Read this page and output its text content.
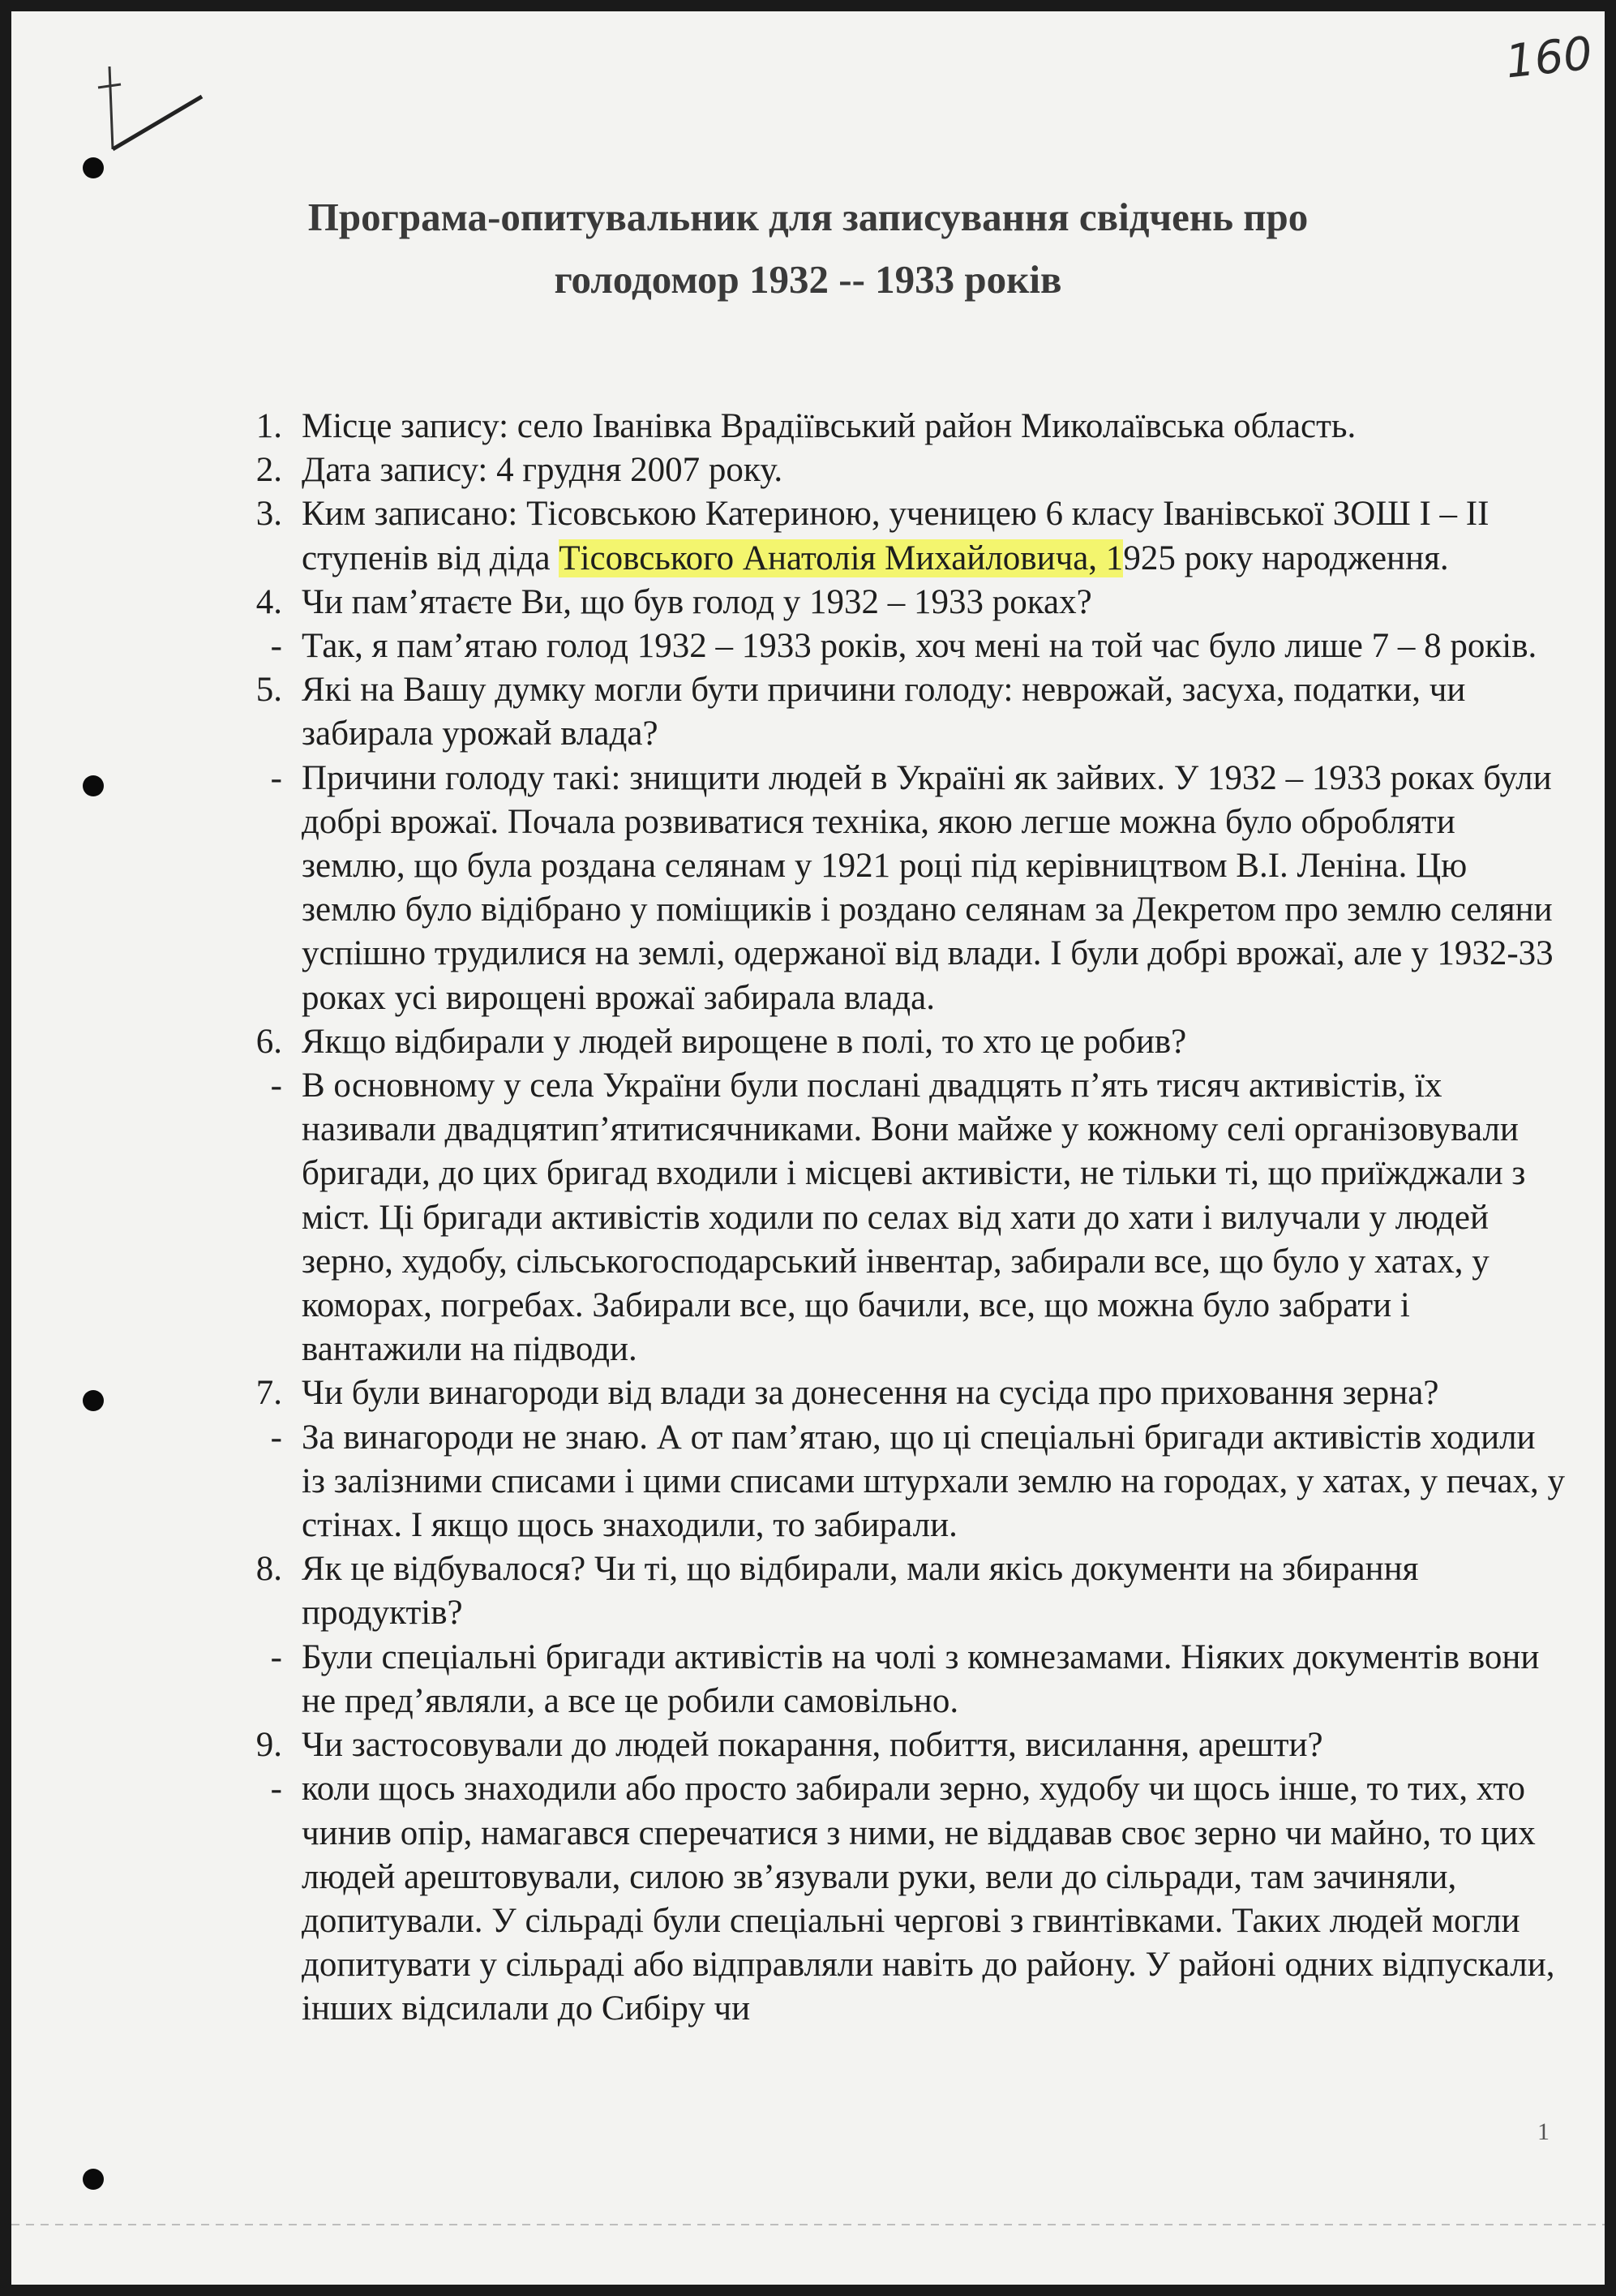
160
Програма-опитувальник для записування свідчень про
голодомор 1932 -- 1933 років
1. Місце запису: село Іванівка Врадіївський район Миколаївська область.
2. Дата запису: 4 грудня 2007 року.
3. Ким записано: Тісовською Катериною, ученицею 6 класу Іванівської ЗОШ І – ІІ ступенів від діда Тісовського Анатолія Михайловича, 1925 року народження.
4. Чи пам’ятаєте Ви, що був голод у 1932 – 1933 роках?
- Так, я пам’ятаю голод 1932 – 1933 років, хоч мені на той час було лише 7 – 8 років.
5. Які на Вашу думку могли бути причини голоду: неврожай, засуха, податки, чи забирала урожай влада?
- Причини голоду такі: знищити людей в Україні як зайвих. У 1932 – 1933 роках були добрі врожаї. Почала розвиватися техніка, якою легше можна було обробляти землю, що була роздана селянам у 1921 році під керівництвом В.І. Леніна. Цю землю було відібрано у поміщиків і роздано селянам за Декретом про землю селяни успішно трудилися на землі, одержаної від влади. І були добрі врожаї, але у 1932-33 роках усі вирощені врожаї забирала влада.
6. Якщо відбирали у людей вирощене в полі, то хто це робив?
- В основному у села України були послані двадцять п’ять тисяч активістів, їх називали двадцятип’ятитисячниками. Вони майже у кожному селі організовували бригади, до цих бригад входили і місцеві активісти, не тільки ті, що приїжджали з міст. Ці бригади активістів ходили по селах від хати до хати і вилучали у людей зерно, худобу, сільськогосподарський інвентар, забирали все, що було у хатах, у коморах, погребах. Забирали все, що бачили, все, що можна було забрати і вантажили на підводи.
7. Чи були винагороди від влади за донесення на сусіда про приховання зерна?
- За винагороди не знаю. А от пам’ятаю, що ці спеціальні бригади активістів ходили із залізними списами і цими списами штурхали землю на городах, у хатах, у печах, у стінах. І якщо щось знаходили, то забирали.
8. Як це відбувалося? Чи ті, що відбирали, мали якісь документи на збирання продуктів?
- Були спеціальні бригади активістів на чолі з комнезамами. Ніяких документів вони не пред’являли, а все це робили самовільно.
9. Чи застосовували до людей покарання, побиття, висилання, арешти?
- коли щось знаходили або просто забирали зерно, худобу чи щось інше, то тих, хто чинив опір, намагався сперечатися з ними, не віддавав своє зерно чи майно, то цих людей арештовували, силою зв’язували руки, вели до сільради, там зачиняли, допитували. У сільраді були спеціальні чергові з гвинтівками. Таких людей могли допитувати у сільраді або відправляли навіть до району. У районі одних відпускали, інших відсилали до Сибіру чи
1
